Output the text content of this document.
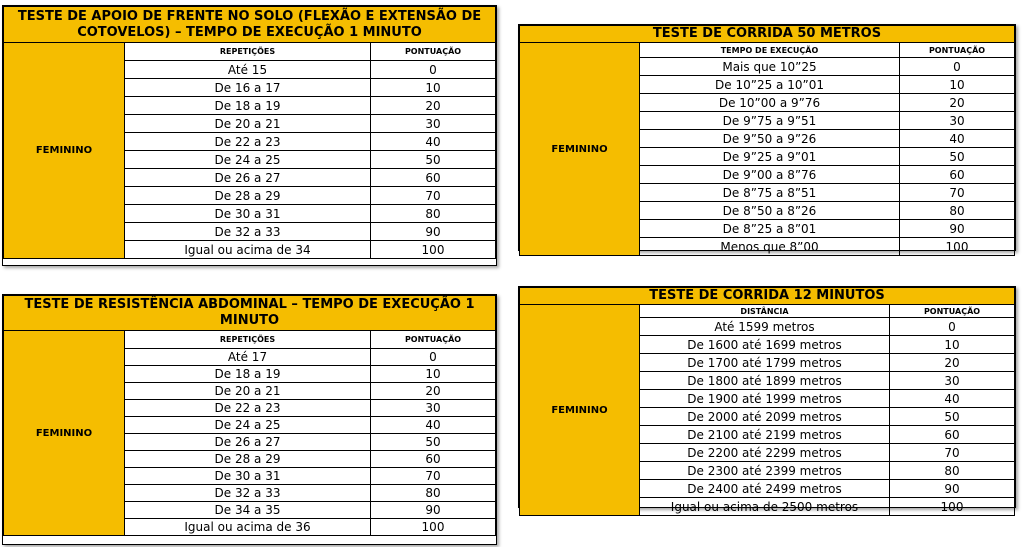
TESTE DE APOIO DE FRENTE NO SOLO (FLEXÃO E EXTENSÃO DE COTOVELOS) – TEMPO DE EXECUÇÃO 1 MINUTO		
FEMININO	REPETIÇÕES	PONTUAÇÃO
	Até 15	0
	De 16 a 17	10
	De 18 a 19	20
	De 20 a 21	30
	De 22 a 23	40
	De 24 a 25	50
	De 26 a 27	60
	De 28 a 29	70
	De 30 a 31	80
	De 32 a 33	90
	Igual ou acima de 34	100
TESTE DE CORRIDA 50 METROS		
FEMININO	TEMPO DE EXECUÇÃO	PONTUAÇÃO
	Mais que 10”25	0
	De 10”25 a 10”01	10
	De 10”00 a 9”76	20
	De 9”75 a 9”51	30
	De 9”50 a 9”26	40
	De 9”25 a 9”01	50
	De 9”00 a 8”76	60
	De 8”75 a 8”51	70
	De 8”50 a 8”26	80
	De 8”25 a 8”01	90
	Menos que 8”00	100
TESTE DE RESISTÊNCIA ABDOMINAL – TEMPO DE EXECUÇÃO 1 MINUTO		
FEMININO	REPETIÇÕES	PONTUAÇÃO
	Até 17	0
	De 18 a 19	10
	De 20 a 21	20
	De 22 a 23	30
	De 24 a 25	40
	De 26 a 27	50
	De 28 a 29	60
	De 30 a 31	70
	De 32 a 33	80
	De 34 a 35	90
	Igual ou acima de 36	100
TESTE DE CORRIDA 12 MINUTOS		
FEMININO	DISTÂNCIA	PONTUAÇÃO
	Até 1599 metros	0
	De 1600 até 1699 metros	10
	De 1700 até 1799 metros	20
	De 1800 até 1899 metros	30
	De 1900 até 1999 metros	40
	De 2000 até 2099 metros	50
	De 2100 até 2199 metros	60
	De 2200 até 2299 metros	70
	De 2300 até 2399 metros	80
	De 2400 até 2499 metros	90
	Igual ou acima de 2500 metros	100
